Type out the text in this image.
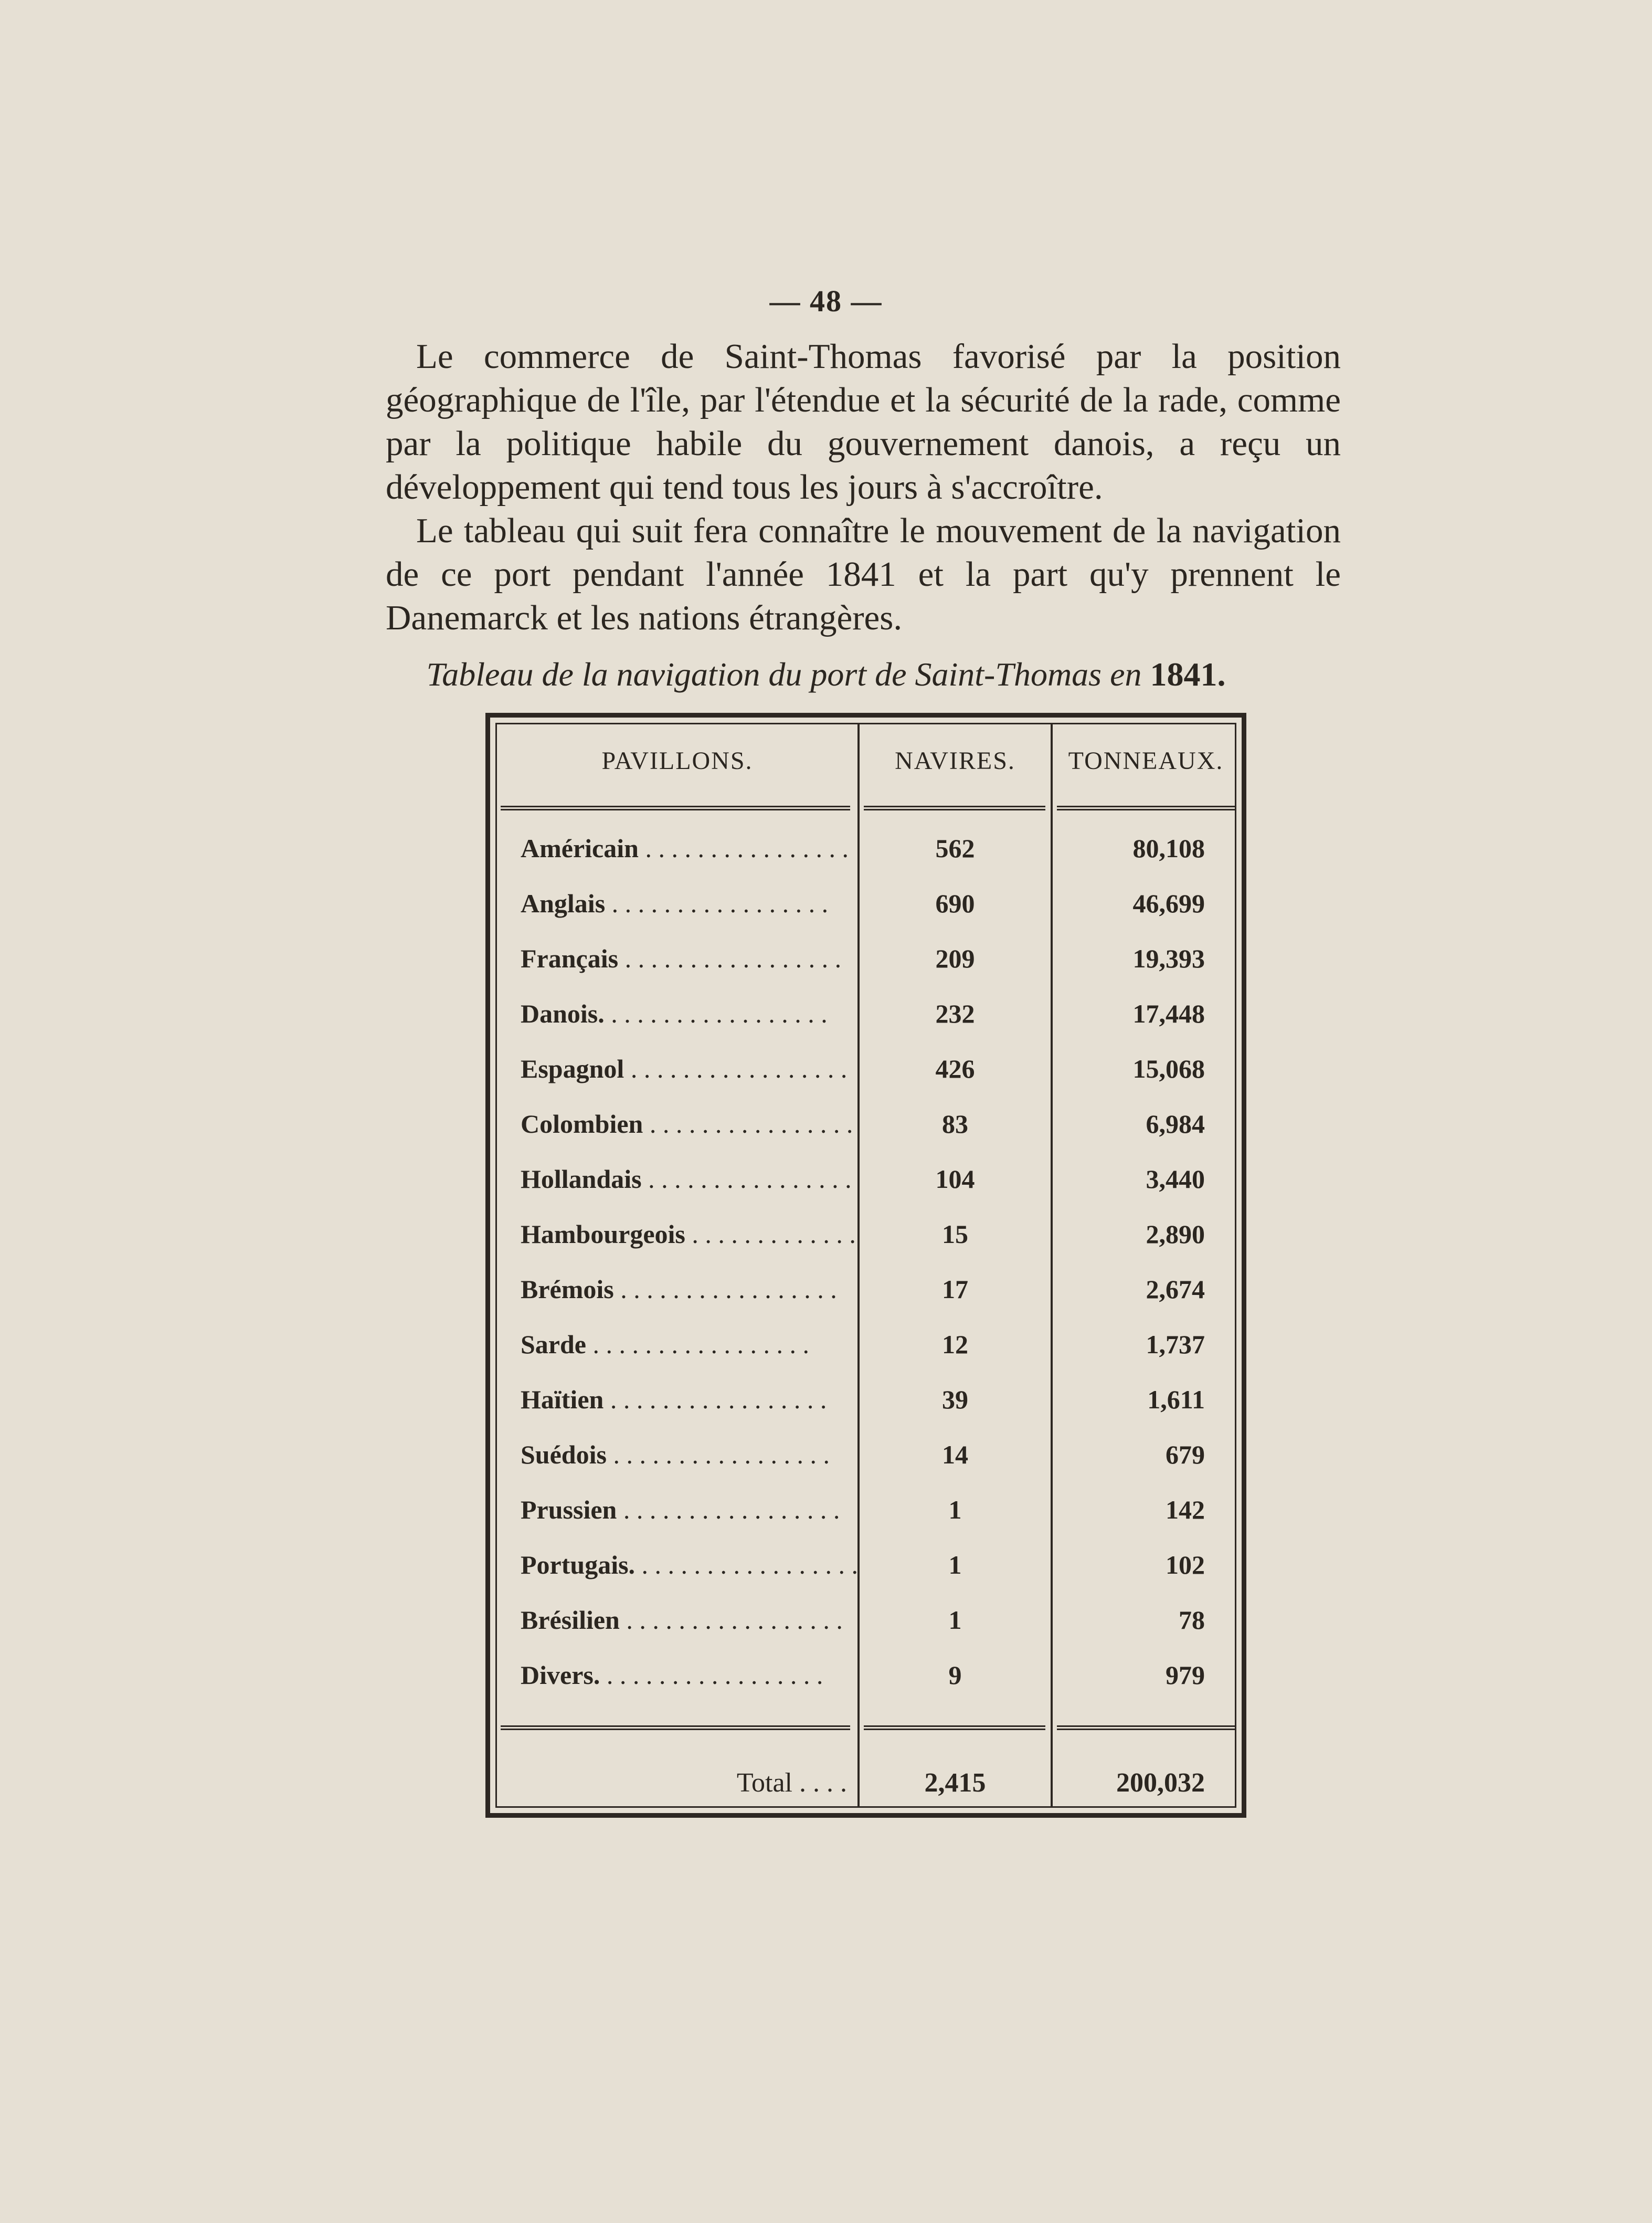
— 48 —

Le commerce de Saint-Thomas favorisé par la position géographique de l'île, par l'étendue et la sécurité de la rade, comme par la politique habile du gouvernement danois, a reçu un développement qui tend tous les jours à s'accroître.

Le tableau qui suit fera connaître le mouvement de la navigation de ce port pendant l'année 1841 et la part qu'y prennent le Danemarck et les nations étrangères.

Tableau de la navigation du port de Saint-Thomas en 1841.
PAVILLONS.	NAVIRES.	TONNEAUX.
Américain . . .	562	80,108
Anglais . . .	690	46,699
Français . . .	209	19,393
Danois. . . .	232	17,448
Espagnol . . .	426	15,068
Colombien . . .	83	6,984
Hollandais . . .	104	3,440
Hambourgeois . . .	15	2,890
Brémois . . .	17	2,674
Sarde . . .	12	1,737
Haïtien . . .	39	1,611
Suédois . . .	14	679
Prussien . . .	1	142
Portugais. . . .	1	102
Brésilien . . .	1	78
Divers. . . .	9	979
Total . . . .	2,415	200,032
